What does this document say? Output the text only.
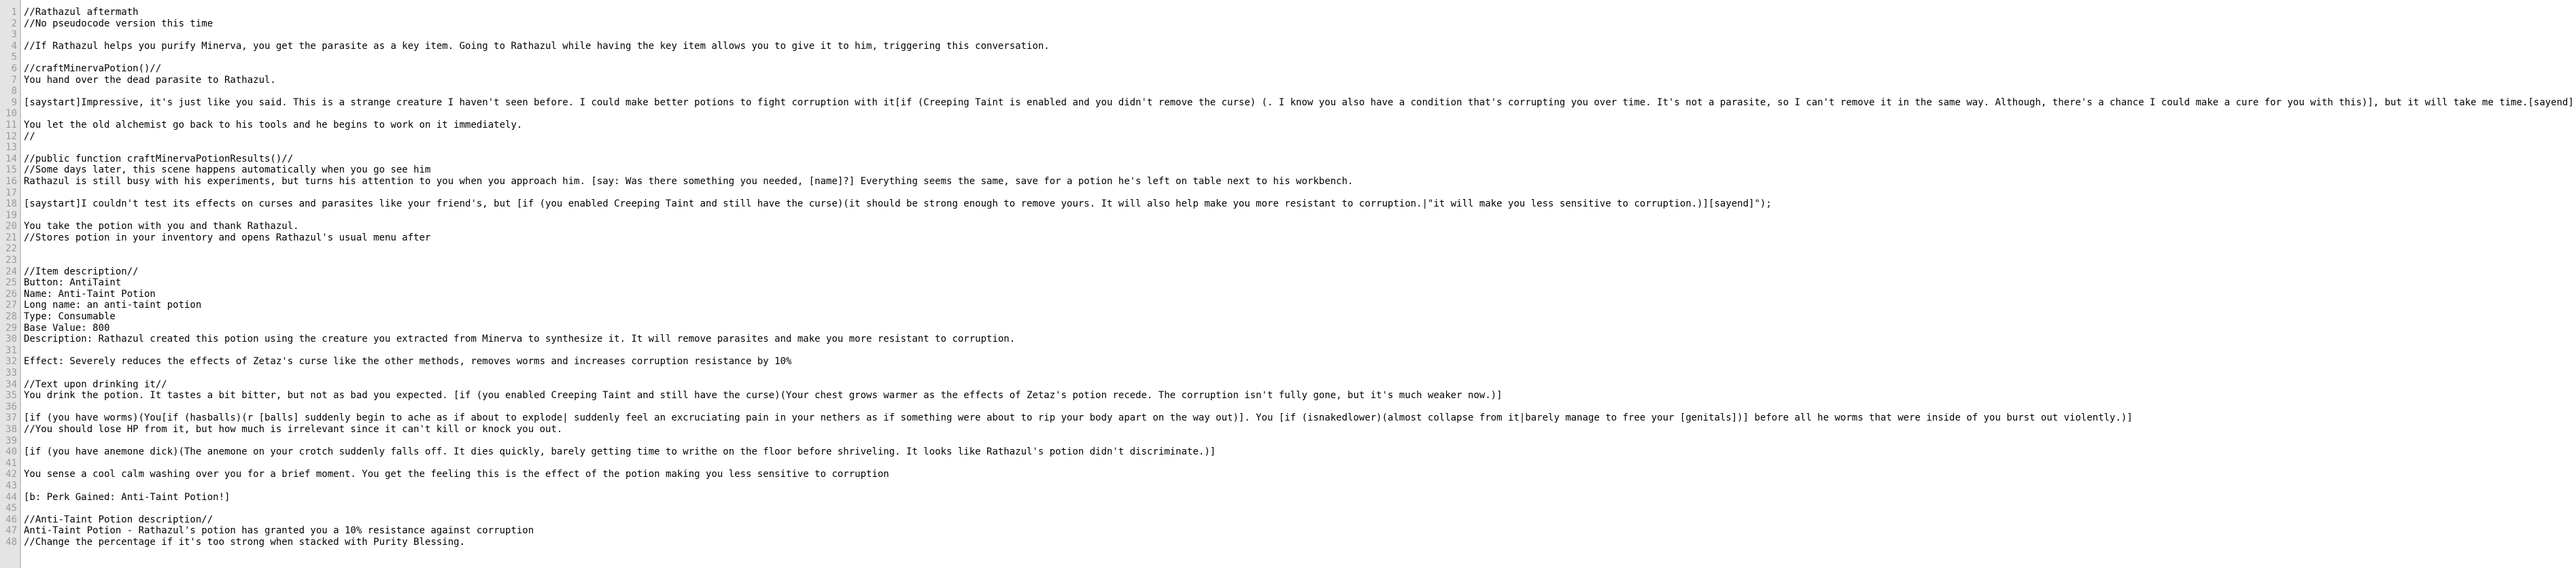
1
2
3
4
5
6
7
8
9
10
11
12
13
14
15
16
17
18
19
20
21
22
23
24
25
26
27
28
29
30
31
32
33
34
35
36
37
38
39
40
41
42
43
44
45
46
47
48
//Rathazul aftermath
//No pseudocode version this time
//If Rathazul helps you purify Minerva, you get the parasite as a key item. Going to Rathazul while having the key item allows you to give it to him, triggering this conversation.
//craftMinervaPotion()//
You hand over the dead parasite to Rathazul.
[saystart]Impressive, it's just like you said. This is a strange creature I haven't seen before. I could make better potions to fight corruption with it[if (Creeping Taint is enabled and you didn't remove the curse) (. I know you also have a condition that's corrupting you over time. It's not a parasite, so I can't remove it in the same way. Although, there's a chance I could make a cure for you with this)], but it will take me time.[sayend]
You let the old alchemist go back to his tools and he begins to work on it immediately.
//
//public function craftMinervaPotionResults()//
//Some days later, this scene happens automatically when you go see him
Rathazul is still busy with his experiments, but turns his attention to you when you approach him. [say: Was there something you needed, [name]?] Everything seems the same, save for a potion he's left on table next to his workbench.
[saystart]I couldn't test its effects on curses and parasites like your friend's, but [if (you enabled Creeping Taint and still have the curse)(it should be strong enough to remove yours. It will also help make you more resistant to corruption.|"it will make you less sensitive to corruption.)][sayend]");
You take the potion with you and thank Rathazul.
//Stores potion in your inventory and opens Rathazul's usual menu after
//Item description//
Button: AntiTaint
Name: Anti-Taint Potion
Long name: an anti-taint potion
Type: Consumable
Base Value: 800
Description: Rathazul created this potion using the creature you extracted from Minerva to synthesize it. It will remove parasites and make you more resistant to corruption.
Effect: Severely reduces the effects of Zetaz's curse like the other methods, removes worms and increases corruption resistance by 10%
//Text upon drinking it//
You drink the potion. It tastes a bit bitter, but not as bad you expected. [if (you enabled Creeping Taint and still have the curse)(Your chest grows warmer as the effects of Zetaz's potion recede. The corruption isn't fully gone, but it's much weaker now.)]
[if (you have worms)(You[if (hasballs)(r [balls] suddenly begin to ache as if about to explode| suddenly feel an excruciating pain in your nethers as if something were about to rip your body apart on the way out)]. You [if (isnakedlower)(almost collapse from it|barely manage to free your [genitals])] before all he worms that were inside of you burst out violently.)]
//You should lose HP from it, but how much is irrelevant since it can't kill or knock you out.
[if (you have anemone dick)(The anemone on your crotch suddenly falls off. It dies quickly, barely getting time to writhe on the floor before shriveling. It looks like Rathazul's potion didn't discriminate.)]
You sense a cool calm washing over you for a brief moment. You get the feeling this is the effect of the potion making you less sensitive to corruption
[b: Perk Gained: Anti-Taint Potion!]
//Anti-Taint Potion description//
Anti-Taint Potion - Rathazul's potion has granted you a 10% resistance against corruption
//Change the percentage if it's too strong when stacked with Purity Blessing.
